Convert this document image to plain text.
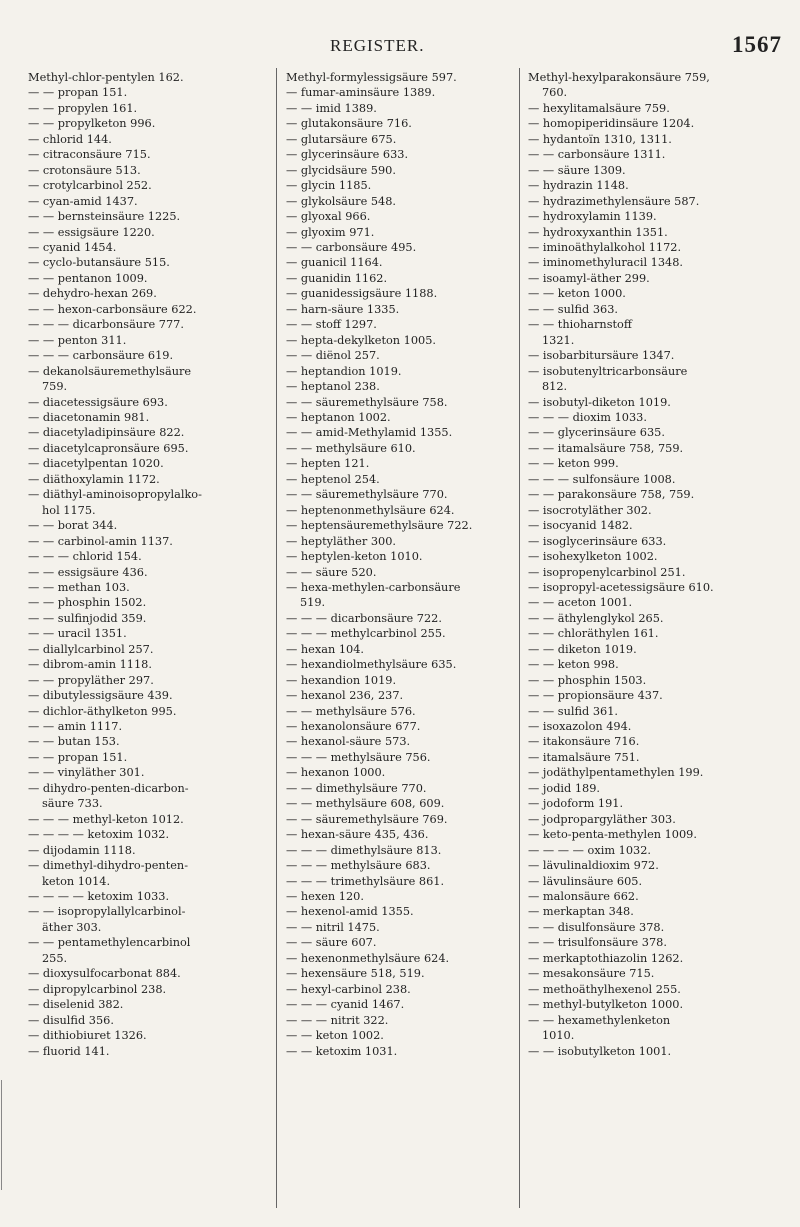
REGISTER.	1567
Methyl-chlor-pentylen 162.
— — propan 151.
— — propylen 161.
— — propylketon 996.
— chlorid 144.
— citraconsäure 715.
— crotonsäure 513.
— crotylcarbinol 252.
— cyan-amid 1437.
— — bernsteinsäure 1225.
— — essigsäure 1220.
— cyanid 1454.
— cyclo-butansäure 515.
— — pentanon 1009.
— dehydro-hexan 269.
— — hexon-carbonsäure 622.
— — — dicarbonsäure 777.
— — penton 311.
— — — carbonsäure 619.
— dekanolsäuremethylsäure
759.
— diacetessigsäure 693.
— diacetonamin 981.
— diacetyladipinsäure 822.
— diacetylcapronsäure 695.
— diacetylpentan 1020.
— diäthoxylamin 1172.
— diäthyl-aminoisopropylalko-
hol 1175.
— — borat 344.
— — carbinol-amin 1137.
— — — chlorid 154.
— — essigsäure 436.
— — methan 103.
— — phosphin 1502.
— — sulfinjodid 359.
— — uracil 1351.
— diallylcarbinol 257.
— dibrom-amin 1118.
— — propyläther 297.
— dibutylessigsäure 439.
— dichlor-äthylketon 995.
— — amin 1117.
— — butan 153.
— — propan 151.
— — vinyläther 301.
— dihydro-penten-dicarbon-
säure 733.
— — — methyl-keton 1012.
— — — — ketoxim 1032.
— dijodamin 1118.
— dimethyl-dihydro-penten-
keton 1014.
— — — — ketoxim 1033.
— — isopropylallylcarbinol-
äther 303.
— — pentamethylencarbinol
255.
— dioxysulfocarbonat 884.
— dipropylcarbinol 238.
— diselenid 382.
— disulfid 356.
— dithiobiuret 1326.
— fluorid 141.
Methyl-formylessigsäure 597.
— fumar-aminsäure 1389.
— — imid 1389.
— glutakonsäure 716.
— glutarsäure 675.
— glycerinsäure 633.
— glycidsäure 590.
— glycin 1185.
— glykolsäure 548.
— glyoxal 966.
— glyoxim 971.
— — carbonsäure 495.
— guanicil 1164.
— guanidin 1162.
— guanidessigsäure 1188.
— harn-säure 1335.
— — stoff 1297.
— hepta-dekylketon 1005.
— — diënol 257.
— heptandion 1019.
— heptanol 238.
— — säuremethylsäure 758.
— heptanon 1002.
— — amid-Methylamid 1355.
— — methylsäure 610.
— hepten 121.
— heptenol 254.
— — säuremethylsäure 770.
— heptenonmethylsäure 624.
— heptensäuremethylsäure 722.
— heptyläther 300.
— heptylen-keton 1010.
— — säure 520.
— hexa-methylen-carbonsäure
519.
— — — dicarbonsäure 722.
— — — methylcarbinol 255.
— hexan 104.
— hexandiolmethylsäure 635.
— hexandion 1019.
— hexanol 236, 237.
— — methylsäure 576.
— hexanolonsäure 677.
— hexanol-säure 573.
— — — methylsäure 756.
— hexanon 1000.
— — dimethylsäure 770.
— — methylsäure 608, 609.
— — säuremethylsäure 769.
— hexan-säure 435, 436.
— — — dimethylsäure 813.
— — — methylsäure 683.
— — — trimethylsäure 861.
— hexen 120.
— hexenol-amid 1355.
— — nitril 1475.
— — säure 607.
— hexenonmethylsäure 624.
— hexensäure 518, 519.
— hexyl-carbinol 238.
— — — cyanid 1467.
— — — nitrit 322.
— — keton 1002.
— — ketoxim 1031.
Methyl-hexylparakonsäure 759,
760.
— hexylitamalsäure 759.
— homopiperidinsäure 1204.
— hydantoïn 1310, 1311.
— — carbonsäure 1311.
— — säure 1309.
— hydrazin 1148.
— hydrazimethylensäure 587.
— hydroxylamin 1139.
— hydroxyxanthin 1351.
— iminoäthylalkohol 1172.
— iminomethyluracil 1348.
— isoamyl-äther 299.
— — keton 1000.
— — sulfid 363.
— — thioharnstoff
1321.
— isobarbitursäure 1347.
— isobutenyltricarbonsäure
812.
— isobutyl-diketon 1019.
— — — dioxim 1033.
— — glycerinsäure 635.
— — itamalsäure 758, 759.
— — keton 999.
— — — sulfonsäure 1008.
— — parakonsäure 758, 759.
— isocrotyläther 302.
— isocyanid 1482.
— isoglycerinsäure 633.
— isohexylketon 1002.
— isopropenylcarbinol 251.
— isopropyl-acetessigsäure 610.
— — aceton 1001.
— — äthylenglykol 265.
— — chloräthylen 161.
— — diketon 1019.
— — keton 998.
— — phosphin 1503.
— — propionsäure 437.
— — sulfid 361.
— isoxazolon 494.
— itakonsäure 716.
— itamalsäure 751.
— jodäthylpentamethylen 199.
— jodid 189.
— jodoform 191.
— jodpropargyläther 303.
— keto-penta-methylen 1009.
— — — — oxim 1032.
— lävulinaldioxim 972.
— lävulinsäure 605.
— malonsäure 662.
— merkaptan 348.
— — disulfonsäure 378.
— — trisulfonsäure 378.
— merkaptothiazolin 1262.
— mesakonsäure 715.
— methoäthylhexenol 255.
— methyl-butylketon 1000.
— — hexamethylenketon
1010.
— — isobutylketon 1001.
